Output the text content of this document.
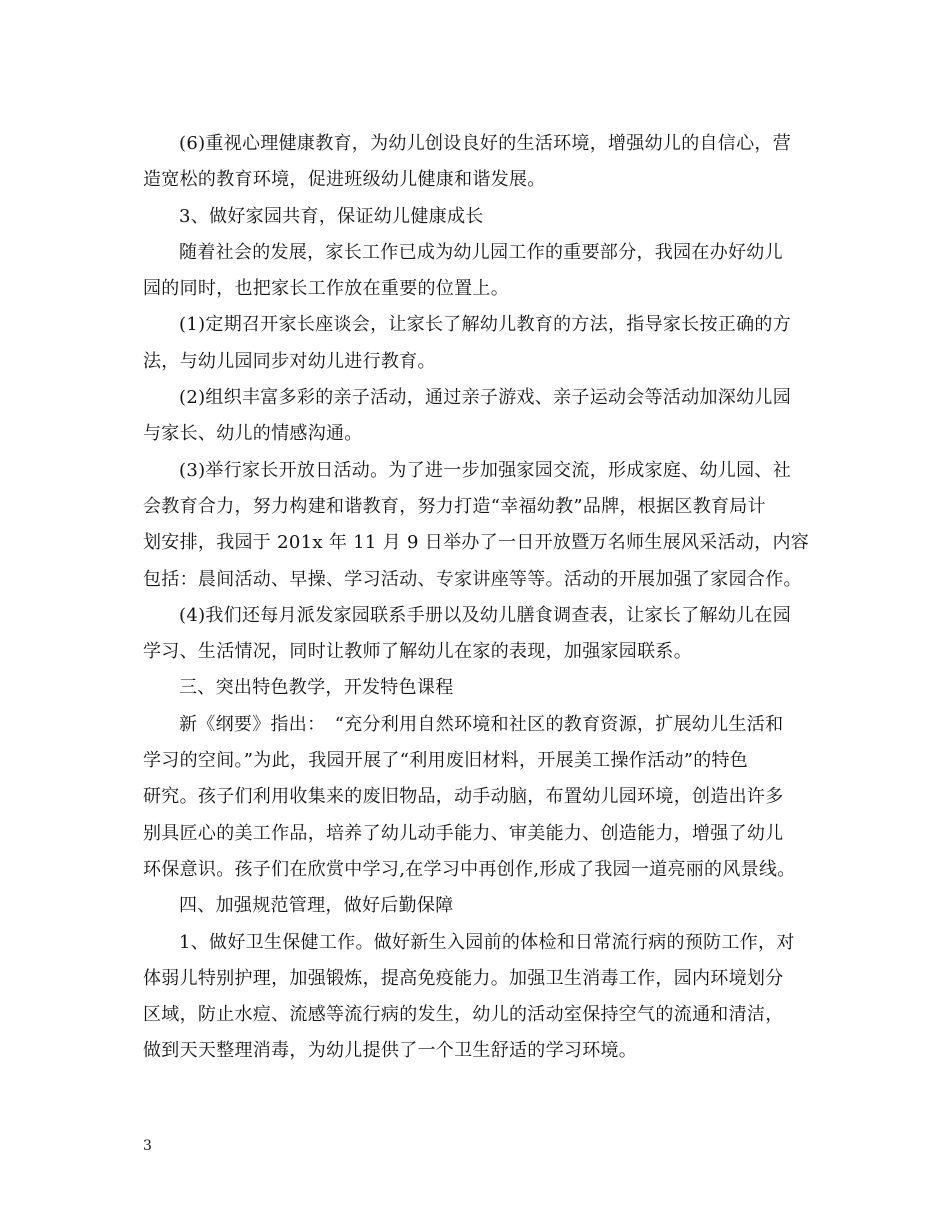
(6)重视心理健康教育，为幼儿创设良好的生活环境，增强幼儿的自信心，营
造宽松的教育环境，促进班级幼儿健康和谐发展。
3、做好家园共育，保证幼儿健康成长
随着社会的发展，家长工作已成为幼儿园工作的重要部分，我园在办好幼儿
园的同时，也把家长工作放在重要的位置上。
(1)定期召开家长座谈会，让家长了解幼儿教育的方法，指导家长按正确的方
法，与幼儿园同步对幼儿进行教育。
(2)组织丰富多彩的亲子活动，通过亲子游戏、亲子运动会等活动加深幼儿园
与家长、幼儿的情感沟通。
(3)举行家长开放日活动。为了进一步加强家园交流，形成家庭、幼儿园、社
会教育合力，努力构建和谐教育，努力打造“幸福幼教”品牌，根据区教育局计
划安排，我园于 201x 年 11 月 9 日举办了一日开放暨万名师生展风采活动，内容
包括：晨间活动、早操、学习活动、专家讲座等等。活动的开展加强了家园合作。
(4)我们还每月派发家园联系手册以及幼儿膳食调查表，让家长了解幼儿在园
学习、生活情况，同时让教师了解幼儿在家的表现，加强家园联系。
三、突出特色教学，开发特色课程
新《纲要》指出：　“充分利用自然环境和社区的教育资源，扩展幼儿生活和
学习的空间。”为此，我园开展了“利用废旧材料，开展美工操作活动”的特色
研究。孩子们利用收集来的废旧物品，动手动脑，布置幼儿园环境，创造出许多
别具匠心的美工作品，培养了幼儿动手能力、审美能力、创造能力，增强了幼儿
环保意识。孩子们在欣赏中学习,在学习中再创作,形成了我园一道亮丽的风景线。
四、加强规范管理，做好后勤保障
1、做好卫生保健工作。做好新生入园前的体检和日常流行病的预防工作，对
体弱儿特别护理，加强锻炼，提高免疫能力。加强卫生消毒工作，园内环境划分
区域，防止水痘、流感等流行病的发生，幼儿的活动室保持空气的流通和清洁，
做到天天整理消毒，为幼儿提供了一个卫生舒适的学习环境。
3
